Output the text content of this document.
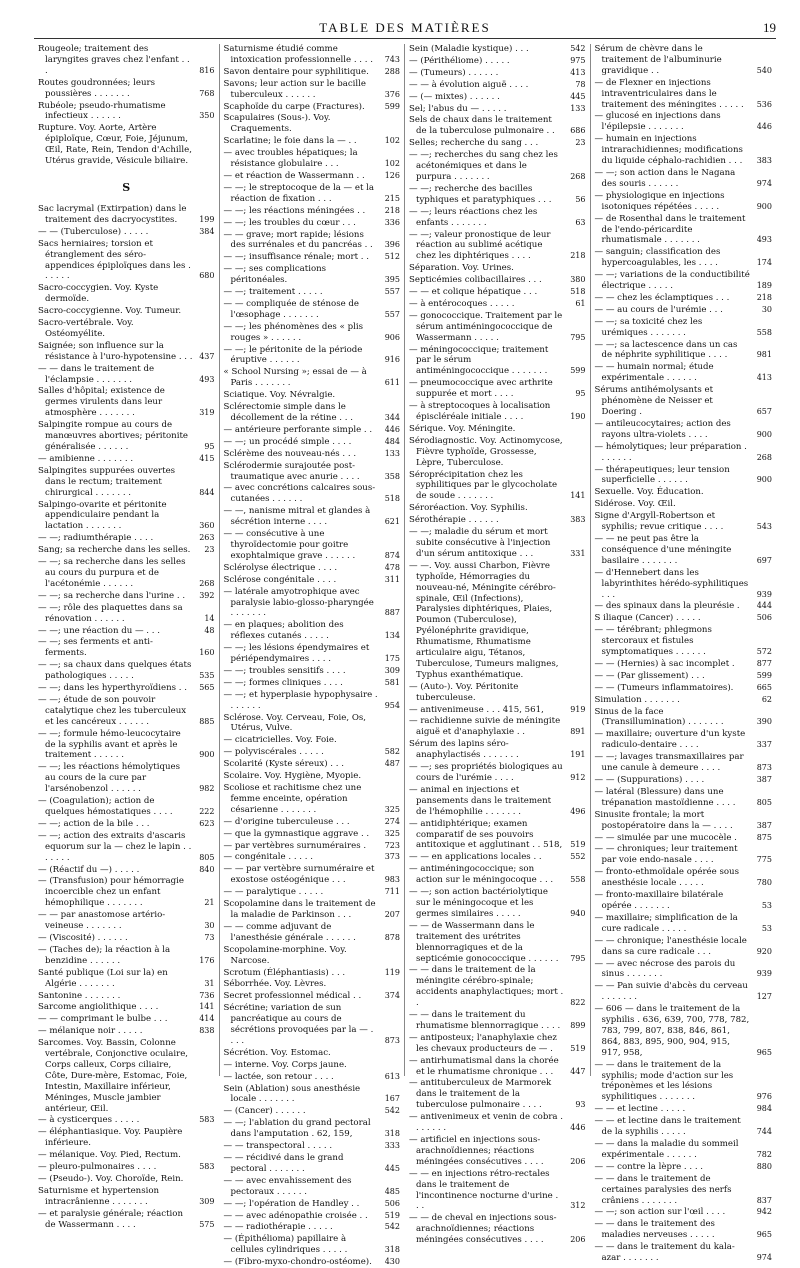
TABLE DES MATIÈRES	19
Rougeole; traitement des laryngites graves chez l'enfant . . .	816
Routes goudronnées; leurs poussières . . . . . . .	768
Rubéole; pseudo-rhumatisme infectieux . . . . . .	350
Rupture. Voy. Aorte, Artère épiploïque, Cœur, Foie, Jéjunum, Œil, Rate, Rein, Tendon d'Achille, Utérus gravide, Vésicule biliaire.
S
Sac lacrymal (Extirpation) dans le traitement des dacryocystites.	199
— — (Tuberculose) . . . . .	384
Sacs herniaires; torsion et étranglement des séro-appendices épiploïques dans les . . . . . .	680
Sacro-coccygien. Voy. Kyste dermoïde.
Sacro-coccygienne. Voy. Tumeur.
Sacro-vertébrale. Voy. Ostéomyélite.
Saignée; son influence sur la résistance à l'uro-hypotensine . . . 437
— — dans le traitement de l'éclampsie . . . . . . .	493
Salles d'hôpital; existence de germes virulents dans leur atmosphère . . . . . . .	319
Salpingite rompue au cours de manœuvres abortives; péritonite généralisée . . . . . .	95
— amibienne . . . . . . .	415
Salpingites suppurées ouvertes dans le rectum; traitement chirurgical . . . . . . .	844
Salpingo-ovarite et péritonite appendiculaire pendant la lactation . . . . . . .	360
— —; radiumthérapie . . . .	263
Sang; sa recherche dans les selles.	23
— —; sa recherche dans les selles au cours du purpura et de l'acétonémie . . . . . .	268
— —; sa recherche dans l'urine . .	392
— —; rôle des plaquettes dans sa rénovation . . . . . .	14
— —; une réaction du — . . .	48
— —; ses ferments et anti-ferments.	160
— —; sa chaux dans quelques états pathologiques . . . . .	535
— —; dans les hyperthyroïdiens . .	565
— —; étude de son pouvoir catalytique chez les tuberculeux et les cancéreux . . . . . .	885
— —; formule hémo-leucocytaire de la syphilis avant et après le traitement . . . . . .	900
— —; les réactions hémolytiques au cours de la cure par l'arsénobenzol . . . . . .	982
— (Coagulation); action de quelques hémostatiques . . . .	222
— —; action de la bile . . .	623
— —; action des extraits d'ascaris equorum sur la — chez le lapin . . . . . . .	805
— (Réactif du —) . . . . .	840
— (Transfusion) pour hémorragie incoercible chez un enfant hémophilique . . . . . . .	21
— — par anastomose artério-veineuse . . . . . . .	30
— (Viscosité) . . . . . .	73
— (Taches de); la réaction à la benzidine . . . . . .	176
Santé publique (Loi sur la) en Algérie . . . . . . .	31
Santonine . . . . . . .	736
Sarcome angiolithique . . . .	141
— — comprimant le bulbe . . .	414
— mélanique noir . . . . .	838
Sarcomes. Voy. Bassin, Colonne vertébrale, Conjonctive oculaire, Corps calleux, Corps ciliaire, Côte, Dure-mère, Estomac, Foie, Intestin, Maxillaire inférieur, Méninges, Muscle jambier antérieur, Œil.
— à cysticerques . . . . .	583
— éléphantiasique. Voy. Paupière inférieure.
— mélanique. Voy. Pied, Rectum.
— pleuro-pulmonaires . . . .	583
— (Pseudo-). Voy. Choroïde, Rein.
Saturnisme et hypertension intracrânienne . . . . . . .	309
— et paralysie générale; réaction de Wassermann . . . .	575
Saturnisme étudié comme intoxication professionnelle . . . .	743
Savon dentaire pour syphilitique.	288
Savons; leur action sur le bacille tuberculeux . . . . . .	376
Scaphoïde du carpe (Fractures).	599
Scapulaires (Sous-). Voy. Craquements.
Scarlatine; le foie dans la — . .	102
— avec troubles hépatiques; la résistance globulaire . . .	102
— et réaction de Wassermann . .	126
— —; le streptocoque de la — et la réaction de fixation . . .	215
— —; les réactions méningées . .	218
— —; les troubles du cœur . . .	336
— — grave; mort rapide; lésions des surrénales et du pancréas . .	396
— —; insuffisance rénale; mort . .	512
— —; ses complications péritonéales.	395
— —; traitement . . . . .	557
— — compliquée de sténose de l'œsophage . . . . . . .	557
— —; les phénomènes des « plis rouges » . . . . . .	906
— —; le péritonite de la période éruptive . . . . . .	916
« School Nursing »; essai de — à Paris . . . . . . .	611
Sciatique. Voy. Névralgie.
Sclérectomie simple dans le décollement de la rétine . . .	344
— antérieure perforante simple . .	446
— —; un procédé simple . . . .	484
Sclérème des nouveau-nés . . .	133
Sclérodermie surajoutée post-traumatique avec anurie . . . .	358
— avec concrétions calcaires sous-cutanées . . . . . .	518
— —, nanisme mitral et glandes à sécrétion interne . . . .	621
— — consécutive à une thyroïdectomie pour goitre exophtalmique grave . . . . . .	874
Sclérolyse électrique . . . .	478
Sclérose congénitale . . . .	311
— latérale amyotrophique avec paralysie labio-glosso-pharyngée . . . . . . .	887
— en plaques; abolition des réflexes cutanés . . . . .	134
— —; les lésions épendymaires et périépendymaires . . . .	175
— —; troubles sensitifs . . . .	309
— —; formes cliniques . . . .	581
— —; et hyperplasie hypophysaire . . . . . . .	954
Sclérose. Voy. Cerveau, Foie, Os, Utérus, Vulve.
— cicatricielles. Voy. Foie.
— polyviscérales . . . . .	582
Scolarité (Kyste séreux) . . .	487
Scolaire. Voy. Hygiène, Myopie.
Scoliose et rachitisme chez une femme enceinte, opération césarienne . . . . . . .	325
— d'origine tuberculeuse . . .	274
— que la gymnastique aggrave . .	325
— par vertèbres surnuméraires .	723
— congénitale . . . . .	373
— — par vertèbre surnuméraire et exostose ostéogénique . . .	983
— — paralytique . . . . .	711
Scopolamine dans le traitement de la maladie de Parkinson . . .	207
— — comme adjuvant de l'anesthésie générale . . . . . .	878
Scopolamine-morphine. Voy. Narcose.
Scrotum (Éléphantiasis) . . .	119
Séborrhée. Voy. Lèvres.
Secret professionnel médical . .	374
Sécrétine; variation de sun pancréatique au cours de sécrétions provoquées par la — . . . .	873
Sécrétion. Voy. Estomac.
— interne. Voy. Corps jaune.
— lactée, son retour . . . .	613
Sein (Ablation) sous anesthésie locale . . . . . . .	167
— (Cancer) . . . . . .	542
— —; l'ablation du grand pectoral dans l'amputation . 62, 159,	318
— — transpectoral . . . . .	333
— — récidivé dans le grand pectoral . . . . . . .	445
— — avec envahissement des pectoraux . . . . . .	485
— —; l'opération de Handley . .	506
— — avec adénopathie croisée . .	519
— — radiothérapie . . . . .	542
— (Épithélioma) papillaire à cellules cylindriques . . . . .	318
— (Fibro-myxo-chondro-ostéome).	430
Sein (Maladie kystique) . . .	542
— (Périthéliome) . . . . .	975
— (Tumeurs) . . . . . .	413
— — à évolution aiguë . . . .	78
— (— mixtes) . . . . . .	445
Sel; l'abus du — . . . . .	133
Sels de chaux dans le traitement de la tuberculose pulmonaire . .	686
Selles; recherche du sang . . .	23
— —; recherches du sang chez les acétonémiques et dans le purpura . . . . . . .	268
— —; recherche des bacilles typhiques et paratyphiques . . .	56
— —; leurs réactions chez les enfants . . . . . . .	63
— —; valeur pronostique de leur réaction au sublimé acétique chez les diphtériques . . . .	218
Séparation. Voy. Urines.
Septicémies colibacillaires . . .	380
— — et colique hépatique . . .	518
— à entérocoques . . . . .	61
— gonococcique. Traitement par le sérum antiméningococcique de Wassermann . . . . .	795
— méningococcique; traitement par le sérum antiméningococcique . . . . . . .	599
— pneumococcique avec arthrite suppurée et mort . . . .	95
— à streptocoques à localisation épiscléréale initiale . . . .	190
Sérique. Voy. Méningite.
Sérodiagnostic. Voy. Actinomycose, Fièvre typhoïde, Grossesse, Lèpre, Tuberculose.
Séroprécipitation chez les syphilitiques par le glycocholate de soude . . . . . . .	141
Séroréaction. Voy. Syphilis.
Sérothérapie . . . . . .	383
— —; maladie du sérum et mort subite consécutive à l'injection d'un sérum antitoxique . . .	331
— —. Voy. aussi Charbon, Fièvre typhoïde, Hémorragies du nouveau-né, Méningite cérébro-spinale, Œil (Infections), Paralysies diphtériques, Plaies, Poumon (Tuberculose), Pyélonéphrite gravidique, Rhumatisme, Rhumatisme articulaire aigu, Tétanos, Tuberculose, Tumeurs malignes, Typhus exanthématique.
— (Auto-). Voy. Péritonite tuberculeuse.
— antivenimeuse . . . 415, 561,	919
— rachidienne suivie de méningite aiguë et d'anaphylaxie . .	891
Sérum des lapins séro-anaphylactisés . . . . . . .	191
— —; ses propriétés biologiques au cours de l'urémie . . . .	912
— animal en injections et pansements dans le traitement de l'hémophilie . . . . . . .	496
— antidiphtérique; examen comparatif de ses pouvoirs antitoxique et agglutinant . . 518, 519
— — en applications locales . .	552
— antiméningococcique; son action sur le méningocoque . . .	558
— —; son action bactériolytique sur le méningocoque et les germes similaires . . . . .	940
— — de Wassermann dans le traitement des urétrites blennorragiques et de la septicémie gonococcique . . . . . .	795
— — dans le traitement de la méningite cérébro-spinale; accidents anaphylactiques; mort . .	822
— — dans le traitement du rhumatisme blennorragique . . . .	899
— antiposteux; l'anaphylaxie chez les chevaux producteurs de — .	519
— antirhumatismal dans la chorée et le rhumatisme chronique . . .	447
— antituberculeux de Marmorek dans le traitement de la tuberculose pulmonaire . . . .	93
— antivenimeux et venin de cobra . . . . . . .	446
— artificiel en injections sous-arachnoïdiennes; réactions méningées consécutives . . . .	206
— — en injections rétro-rectales dans le traitement de l'incontinence nocturne d'urine . . .	312
— — de cheval en injections sous-arachnoïdiennes; réactions méningées consécutives . . . .	206
Sérum de chèvre dans le traitement de l'albuminurie gravidique . .	540
— de Flexner en injections intraventriculaires dans le traitement des méningites . . . . .	536
— glucosé en injections dans l'épilepsie . . . . . . .	446
— humain en injections intrarachidiennes; modifications du liquide céphalo-rachidien . . .	383
— —; son action dans le Nagana des souris . . . . . .	974
— physiologique en injections isotoniques répétées . . . . .	900
— de Rosenthal dans le traitement de l'endo-péricardite rhumatismale . . . . . . .	493
— sanguin; classification des hypercoagulables, les . . . .	174
— —; variations de la conductibilité électrique . . . . .	189
— — chez les éclamptiques . . .	218
— — au cours de l'urémie . . .	30
— —; sa toxicité chez les urémiques . . . . . . .	558
— —; sa lactescence dans un cas de néphrite syphilitique . . . .	981
— — humain normal; étude expérimentale . . . . . .	413
Sérums antihémolysants et phénomène de Neisser et Doering .	657
— antileucocytaires; action des rayons ultra-violets . . . .	900
— hémolytiques; leur préparation . . . . . . .	268
— thérapeutiques; leur tension superficielle . . . . . .	900
Sexuelle. Voy. Éducation.
Sidérose. Voy. Œil.
Signe d'Argyll-Robertson et syphilis; revue critique . . . .	543
— — ne peut pas être la conséquence d'une méningite basilaire . . . . . . .	697
— d'Hennebert dans les labyrinthites hérédo-syphilitiques . . .	939
— des spinaux dans la pleurésie .	444
S iliaque (Cancer) . . . . .	506
— — térébrant; phlegmons stercoraux et fistules symptomatiques . . . . . .	572
— — (Hernies) à sac incomplet .	877
— — (Par glissement) . . .	599
— — (Tumeurs inflammatoires).	665
Simulation . . . . . . .	62
Sinus de la face (Transillumination) . . . . . . .	390
— maxillaire; ouverture d'un kyste radiculo-dentaire . . . .	337
— —; lavages transmaxillaires par une canule à demeure . . . .	873
— — (Suppurations) . . . .	387
— latéral (Blessure) dans une trépanation mastoïdienne . . . .	805
Sinusite frontale; la mort postopératoire dans la — . . . .	387
— — simulée par une mucocèle .	875
— — chroniques; leur traitement par voie endo-nasale . . . .	775
— fronto-ethmoïdale opérée sous anesthésie locale . . . . .	780
— fronto-maxillaire bilatérale opérée . . . . . . .	53
— maxillaire; simplification de la cure radicale . . . . .	53
— — chronique; l'anesthésie locale dans sa cure radicale . . .	920
— — avec nécrose des parois du sinus . . . . . . .	939
— — Pan suivie d'abcès du cerveau . . . . . . .	127
— 606 — dans le traitement de la syphilis . 636, 639, 700, 778, 782, 783, 799, 807, 838, 846, 861, 864, 883, 895, 900, 904, 915, 917, 958,	965
— — dans le traitement de la syphilis; mode d'action sur les tréponèmes et les lésions syphilitiques . . . . . . .	976
— — et lectine . . . . .	984
— — et lectine dans le traitement de la syphilis . . . . .	744
— — dans la maladie du sommeil expérimentale . . . . . .	782
— — contre la lèpre . . . .	880
— — dans le traitement de certaines paralysies des nerfs crâniens . . . . . . .	837
— —; son action sur l'œil . . . .	942
— — dans le traitement des maladies nerveuses . . . . .	965
— — dans le traitement du kala-azar . . . . . . .	974
